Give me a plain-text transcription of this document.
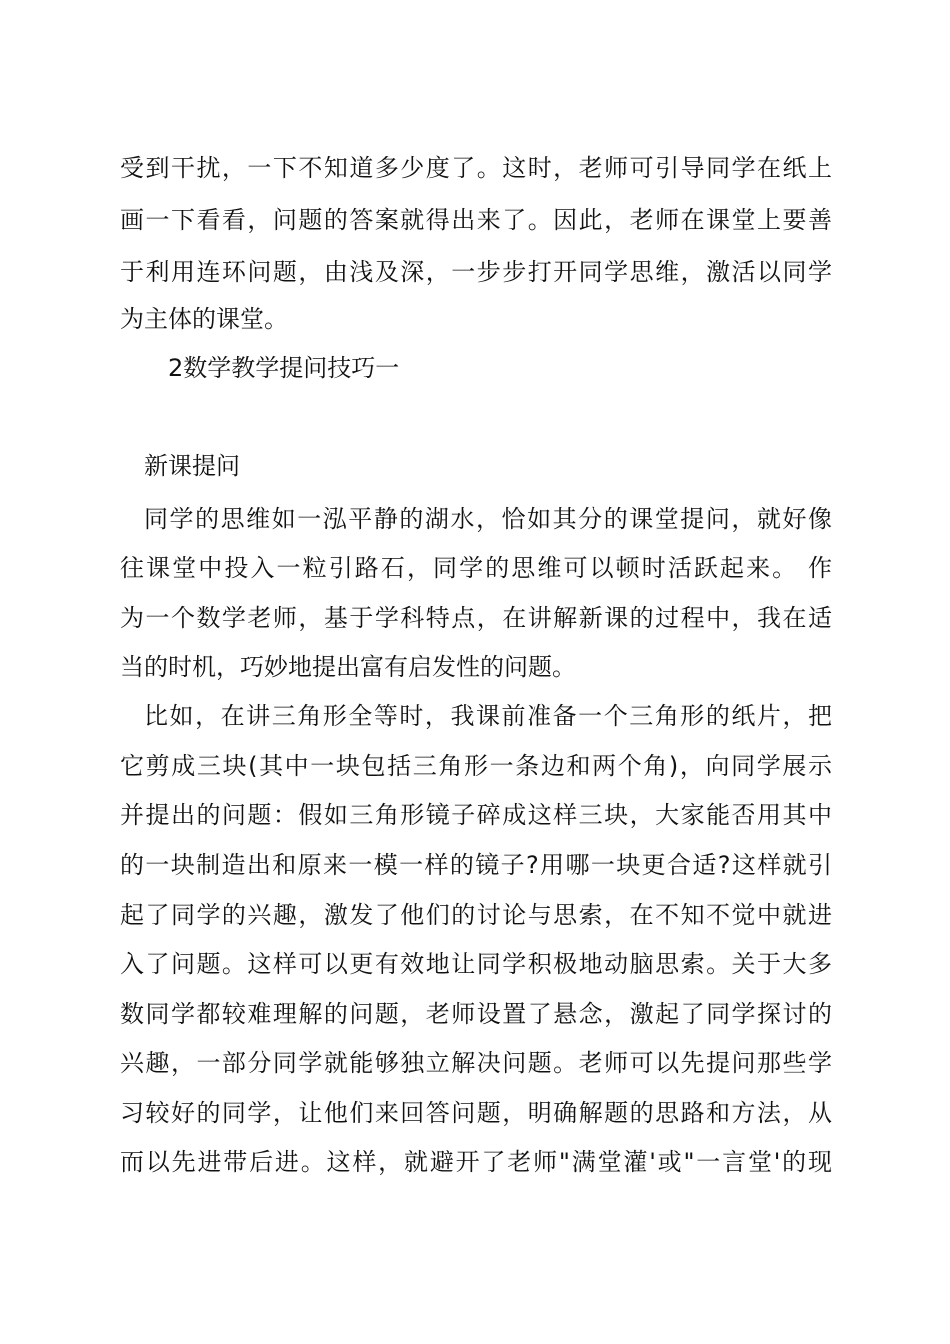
受到干扰，一下不知道多少度了。这时，老师可引导同学在纸上
画一下看看，问题的答案就得出来了。因此，老师在课堂上要善
于利用连环问题，由浅及深，一步步打开同学思维，激活以同学
为主体的课堂。
2数学教学提问技巧一
新课提问
同学的思维如一泓平静的湖水，恰如其分的课堂提问，就好像
往课堂中投入一粒引路石，同学的思维可以顿时活跃起来。 作
为一个数学老师，基于学科特点，在讲解新课的过程中，我在适
当的时机，巧妙地提出富有启发性的问题。
比如，在讲三角形全等时，我课前准备一个三角形的纸片，把
它剪成三块(其中一块包括三角形一条边和两个角)，向同学展示
并提出的问题：假如三角形镜子碎成这样三块，大家能否用其中
的一块制造出和原来一模一样的镜子?用哪一块更合适?这样就引
起了同学的兴趣，激发了他们的讨论与思索，在不知不觉中就进
入了问题。这样可以更有效地让同学积极地动脑思索。关于大多
数同学都较难理解的问题，老师设置了悬念，激起了同学探讨的
兴趣，一部分同学就能够独立解决问题。老师可以先提问那些学
习较好的同学，让他们来回答问题，明确解题的思路和方法，从
而以先进带后进。这样，就避开了老师"满堂灌'或"一言堂'的现
